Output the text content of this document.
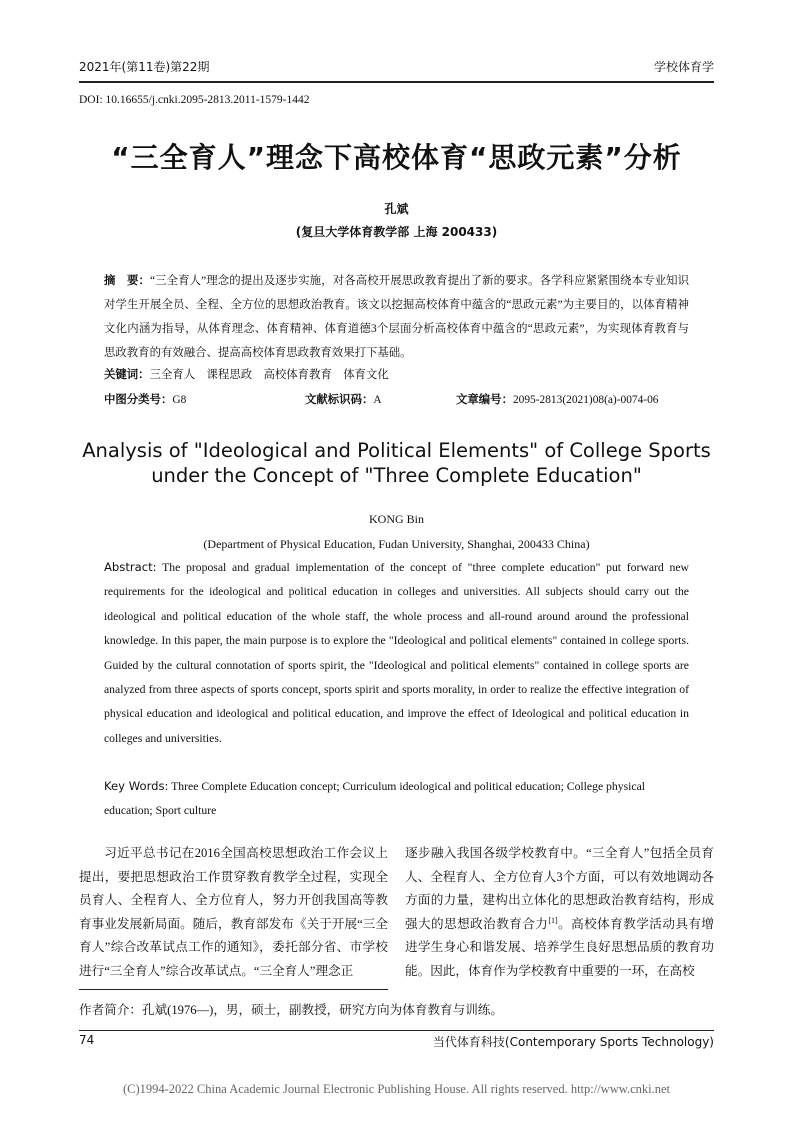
2021年(第11卷)第22期	学校体育学
DOI: 10.16655/j.cnki.2095-2813.2011-1579-1442
“三全育人”理念下高校体育“思政元素”分析
孔斌
(复旦大学体育教学部 上海 200433)
摘　要：“三全育人”理念的提出及逐步实施，对各高校开展思政教育提出了新的要求。各学科应紧紧围绕本专业知识对学生开展全员、全程、全方位的思想政治教育。该文以挖掘高校体育中蕴含的“思政元素”为主要目的，以体育精神文化内涵为指导，从体育理念、体育精神、体育道德3个层面分析高校体育中蕴含的“思政元素”，为实现体育教育与思政教育的有效融合、提高高校体育思政教育效果打下基础。
关键词：三全育人　课程思政　高校体育教育　体育文化
中图分类号：G8	文献标识码：A	文章编号：2095-2813(2021)08(a)-0074-06
Analysis of "Ideological and Political Elements" of College Sports under the Concept of "Three Complete Education"
KONG Bin
(Department of Physical Education, Fudan University, Shanghai, 200433 China)
Abstract: The proposal and gradual implementation of the concept of "three complete education" put forward new requirements for the ideological and political education in colleges and universities. All subjects should carry out the ideological and political education of the whole staff, the whole process and all-round around around the professional knowledge. In this paper, the main purpose is to explore the "Ideological and political elements" contained in college sports. Guided by the cultural connotation of sports spirit, the "Ideological and political elements" contained in college sports are analyzed from three aspects of sports concept, sports spirit and sports morality, in order to realize the effective integration of physical education and ideological and political education, and improve the effect of Ideological and political education in colleges and universities.
Key Words: Three Complete Education concept; Curriculum ideological and political education; College physical education; Sport culture
习近平总书记在2016全国高校思想政治工作会议上提出，要把思想政治工作贯穿教育教学全过程，实现全员育人、全程育人、全方位育人，努力开创我国高等教育事业发展新局面。随后，教育部发布《关于开展“三全育人”综合改革试点工作的通知》，委托部分省、市学校进行“三全育人”综合改革试点。“三全育人”理念正
逐步融入我国各级学校教育中。“三全育人”包括全员育人、全程育人、全方位育人3个方面，可以有效地调动各方面的力量，建构出立体化的思想政治教育结构，形成强大的思想政治教育合力[1]。高校体育教学活动具有增进学生身心和谐发展、培养学生良好思想品质的教育功能。因此，体育作为学校教育中重要的一环，在高校
作者简介：孔斌(1976—)，男，硕士，副教授，研究方向为体育教育与训练。
74	当代体育科技(Contemporary Sports Technology)
(C)1994-2022 China Academic Journal Electronic Publishing House. All rights reserved. http://www.cnki.net
